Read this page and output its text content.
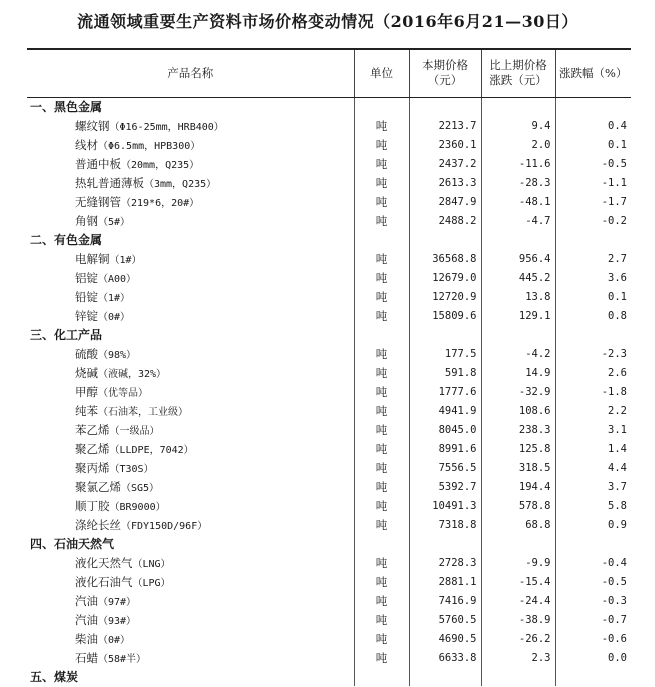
流通领域重要生产资料市场价格变动情况（2016年6月21—30日）
产品名称	单位	本期价格（元）	比上期价格涨跌（元）	涨跌幅（%）
一、黑色金属				
螺纹钢（Φ16-25mm，HRB400）	吨	2213.7	9.4	0.4
线材（Φ6.5mm，HPB300）	吨	2360.1	2.0	0.1
普通中板（20mm，Q235）	吨	2437.2	-11.6	-0.5
热轧普通薄板（3mm，Q235）	吨	2613.3	-28.3	-1.1
无缝钢管（219*6，20#）	吨	2847.9	-48.1	-1.7
角钢（5#）	吨	2488.2	-4.7	-0.2
二、有色金属				
电解铜（1#）	吨	36568.8	956.4	2.7
铝锭（A00）	吨	12679.0	445.2	3.6
铅锭（1#）	吨	12720.9	13.8	0.1
锌锭（0#）	吨	15809.6	129.1	0.8
三、化工产品				
硫酸（98%）	吨	177.5	-4.2	-2.3
烧碱（液碱，32%）	吨	591.8	14.9	2.6
甲醇（优等品）	吨	1777.6	-32.9	-1.8
纯苯（石油苯，工业级）	吨	4941.9	108.6	2.2
苯乙烯（一级品）	吨	8045.0	238.3	3.1
聚乙烯（LLDPE，7042）	吨	8991.6	125.8	1.4
聚丙烯（T30S）	吨	7556.5	318.5	4.4
聚氯乙烯（SG5）	吨	5392.7	194.4	3.7
顺丁胶（BR9000）	吨	10491.3	578.8	5.8
涤纶长丝（FDY150D/96F）	吨	7318.8	68.8	0.9
四、石油天然气				
液化天然气（LNG）	吨	2728.3	-9.9	-0.4
液化石油气（LPG）	吨	2881.1	-15.4	-0.5
汽油（97#）	吨	7416.9	-24.4	-0.3
汽油（93#）	吨	5760.5	-38.9	-0.7
柴油（0#）	吨	4690.5	-26.2	-0.6
石蜡（58#半）	吨	6633.8	2.3	0.0
五、煤炭				
